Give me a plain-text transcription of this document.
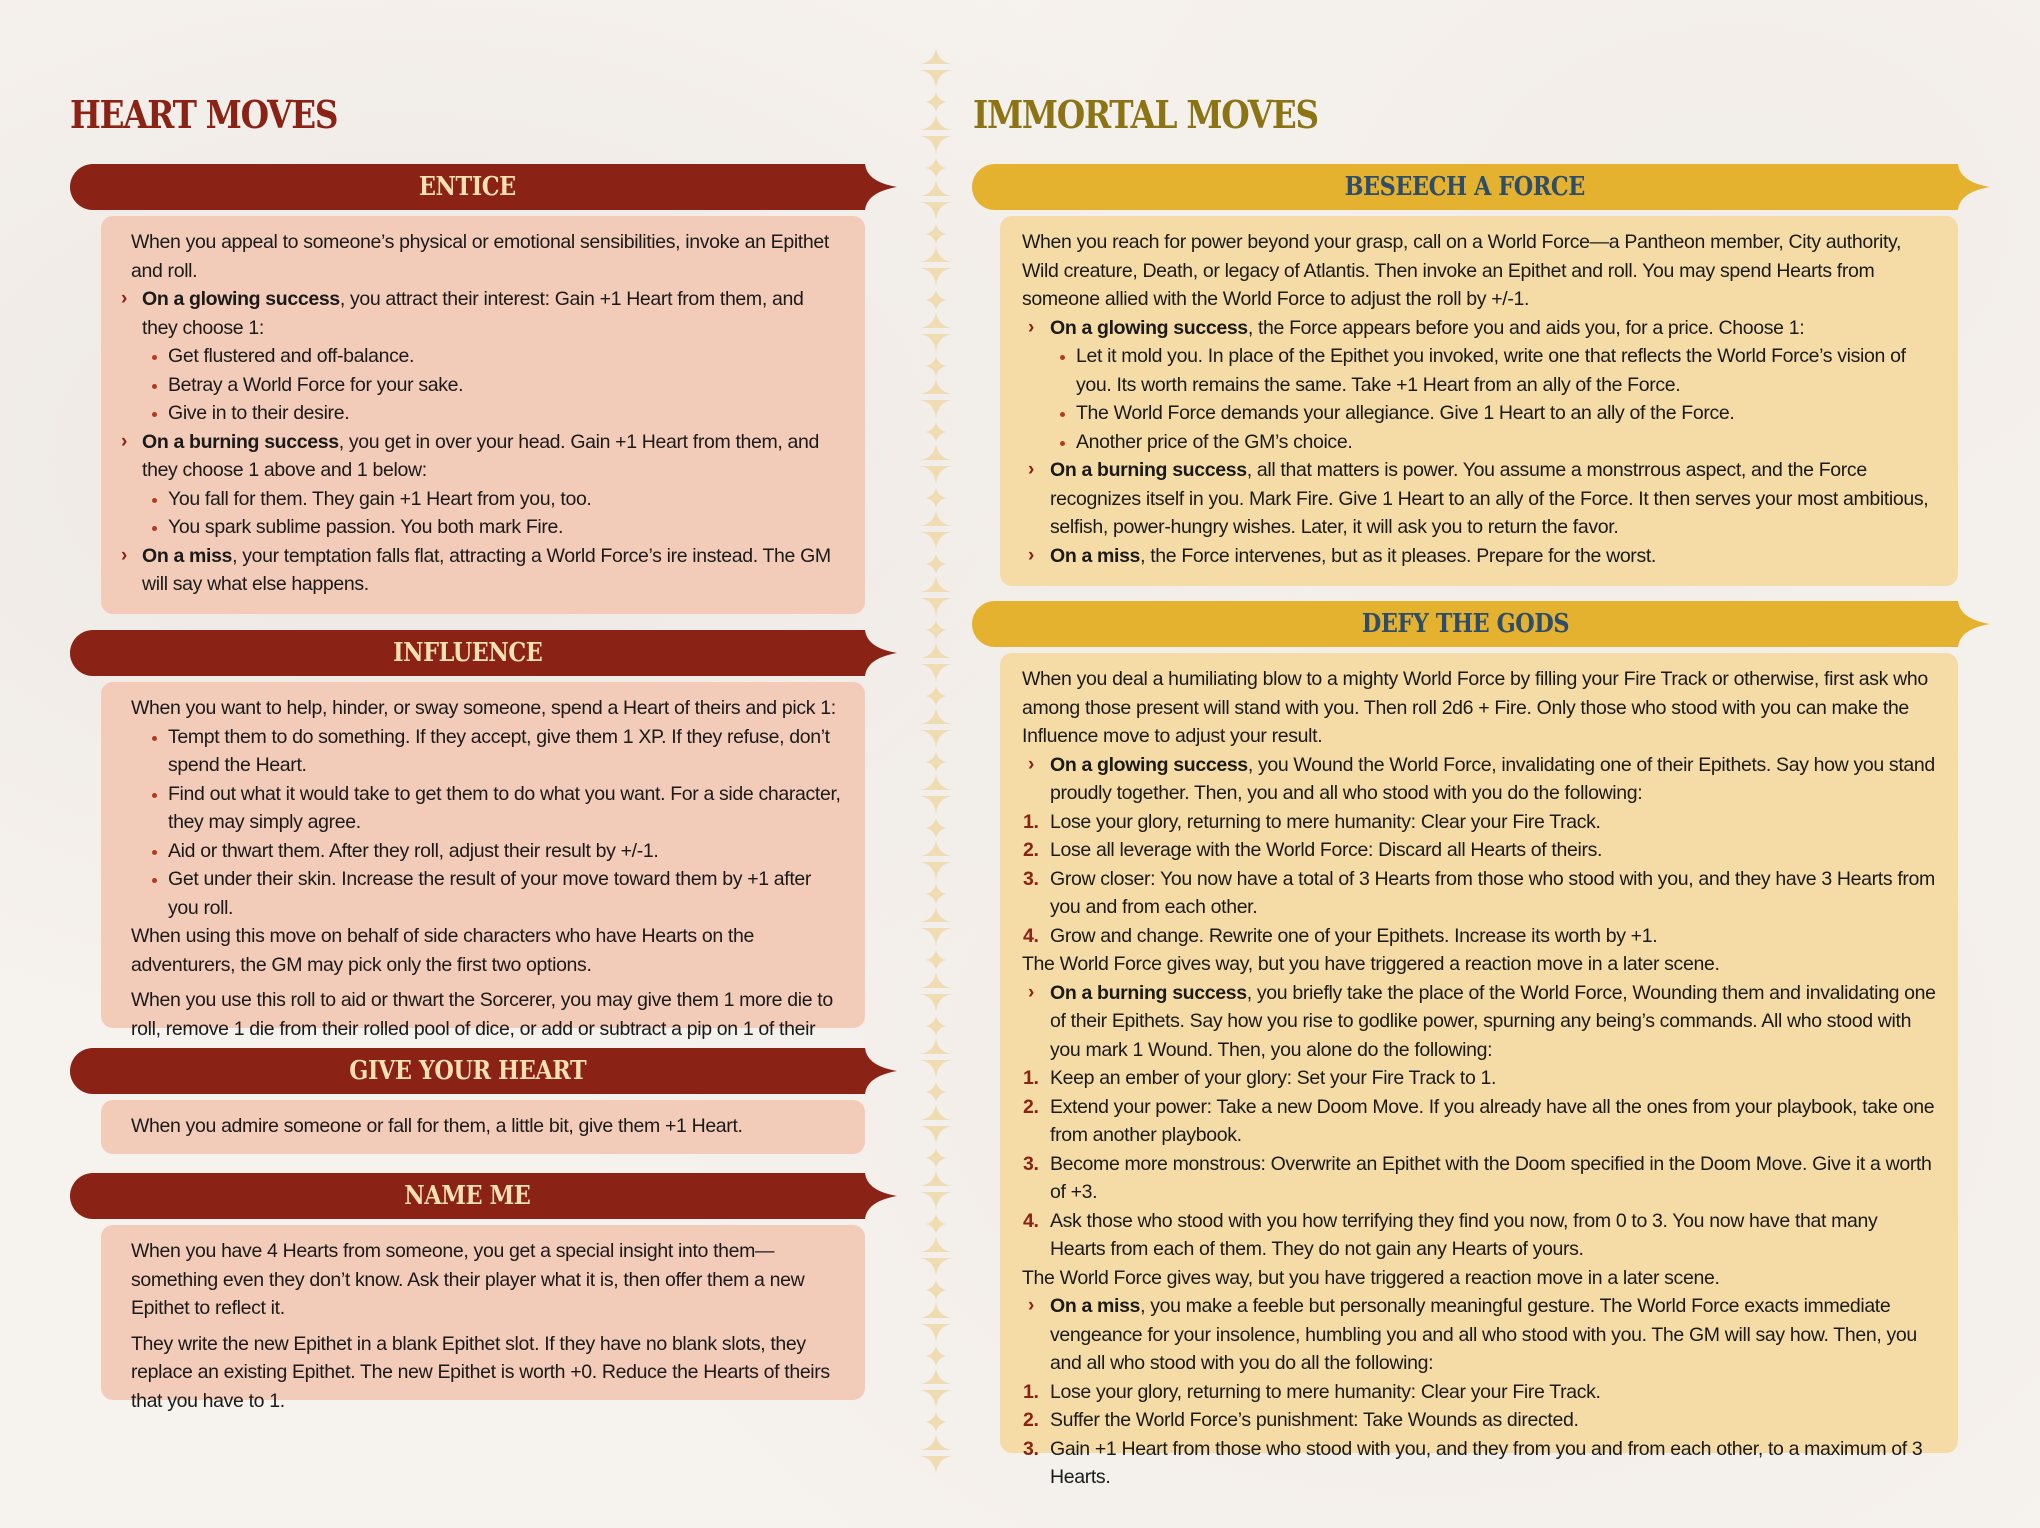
HEART MOVES
ENTICE

When you appeal to someone’s physical or emotional sensibilities, invoke an Epithet and roll.

› On a glowing success, you attract their interest: Gain +1 Heart from them, and they choose 1:
Get flustered and off-balance.
Betray a World Force for your sake.
Give in to their desire.
› On a burning success, you get in over your head. Gain +1 Heart from them, and they choose 1 above and 1 below:
You fall for them. They gain +1 Heart from you, too.
You spark sublime passion. You both mark Fire.
› On a miss, your temptation falls flat, attracting a World Force’s ire instead. The GM will say what else happens.
INFLUENCE

When you want to help, hinder, or sway someone, spend a Heart of theirs and pick 1:

Tempt them to do something. If they accept, give them 1 XP. If they refuse, don’t spend the Heart.
Find out what it would take to get them to do what you want. For a side character, they may simply agree.
Aid or thwart them. After they roll, adjust their result by +/-1.
Get under their skin. Increase the result of your move toward them by +1 after you roll.

When using this move on behalf of side characters who have Hearts on the adventurers, the GM may pick only the first two options.

When you use this roll to aid or thwart the Sorcerer, you may give them 1 more die to roll, remove 1 die from their rolled pool of dice, or add or subtract a pip on 1 of their

GIVE YOUR HEART

When you admire someone or fall for them, a little bit, give them +1 Heart.

NAME ME

When you have 4 Hearts from someone, you get a special insight into them—something even they don’t know. Ask their player what it is, then offer them a new Epithet to reflect it.

They write the new Epithet in a blank Epithet slot. If they have no blank slots, they replace an existing Epithet. The new Epithet is worth +0. Reduce the Hearts of theirs that you have to 1.

IMMORTAL MOVES
BESEECH A FORCE

When you reach for power beyond your grasp, call on a World Force—a Pantheon member, City authority, Wild creature, Death, or legacy of Atlantis. Then invoke an Epithet and roll. You may spend Hearts from someone allied with the World Force to adjust the roll by +/-1.

› On a glowing success, the Force appears before you and aids you, for a price. Choose 1:
Let it mold you. In place of the Epithet you invoked, write one that reflects the World Force’s vision of you. Its worth remains the same. Take +1 Heart from an ally of the Force.
The World Force demands your allegiance. Give 1 Heart to an ally of the Force.
Another price of the GM’s choice.
› On a burning success, all that matters is power. You assume a monstrrous aspect, and the Force recognizes itself in you. Mark Fire. Give 1 Heart to an ally of the Force. It then serves your most ambitious, selfish, power-hungry wishes. Later, it will ask you to return the favor.
› On a miss, the Force intervenes, but as it pleases. Prepare for the worst.
DEFY THE GODS

When you deal a humiliating blow to a mighty World Force by filling your Fire Track or otherwise, first ask who among those present will stand with you. Then roll 2d6 + Fire. Only those who stood with you can make the Influence move to adjust your result.

› On a glowing success, you Wound the World Force, invalidating one of their Epithets. Say how you stand proudly together. Then, you and all who stood with you do the following:
1. Lose your glory, returning to mere humanity: Clear your Fire Track.
2. Lose all leverage with the World Force: Discard all Hearts of theirs.
3. Grow closer: You now have a total of 3 Hearts from those who stood with you, and they have 3 Hearts from you and from each other.
4. Grow and change. Rewrite one of your Epithets. Increase its worth by +1.

The World Force gives way, but you have triggered a reaction move in a later scene.

› On a burning success, you briefly take the place of the World Force, Wounding them and invalidating one of their Epithets. Say how you rise to godlike power, spurning any being’s commands. All who stood with you mark 1 Wound. Then, you alone do the following:
1. Keep an ember of your glory: Set your Fire Track to 1.
2. Extend your power: Take a new Doom Move. If you already have all the ones from your playbook, take one from another playbook.
3. Become more monstrous: Overwrite an Epithet with the Doom specified in the Doom Move. Give it a worth of +3.
4. Ask those who stood with you how terrifying they find you now, from 0 to 3. You now have that many Hearts from each of them. They do not gain any Hearts of yours.

The World Force gives way, but you have triggered a reaction move in a later scene.

› On a miss, you make a feeble but personally meaningful gesture. The World Force exacts immediate vengeance for your insolence, humbling you and all who stood with you. The GM will say how. Then, you and all who stood with you do all the following:
1. Lose your glory, returning to mere humanity: Clear your Fire Track.
2. Suffer the World Force’s punishment: Take Wounds as directed.
3. Gain +1 Heart from those who stood with you, and they from you and from each other, to a maximum of 3 Hearts.
